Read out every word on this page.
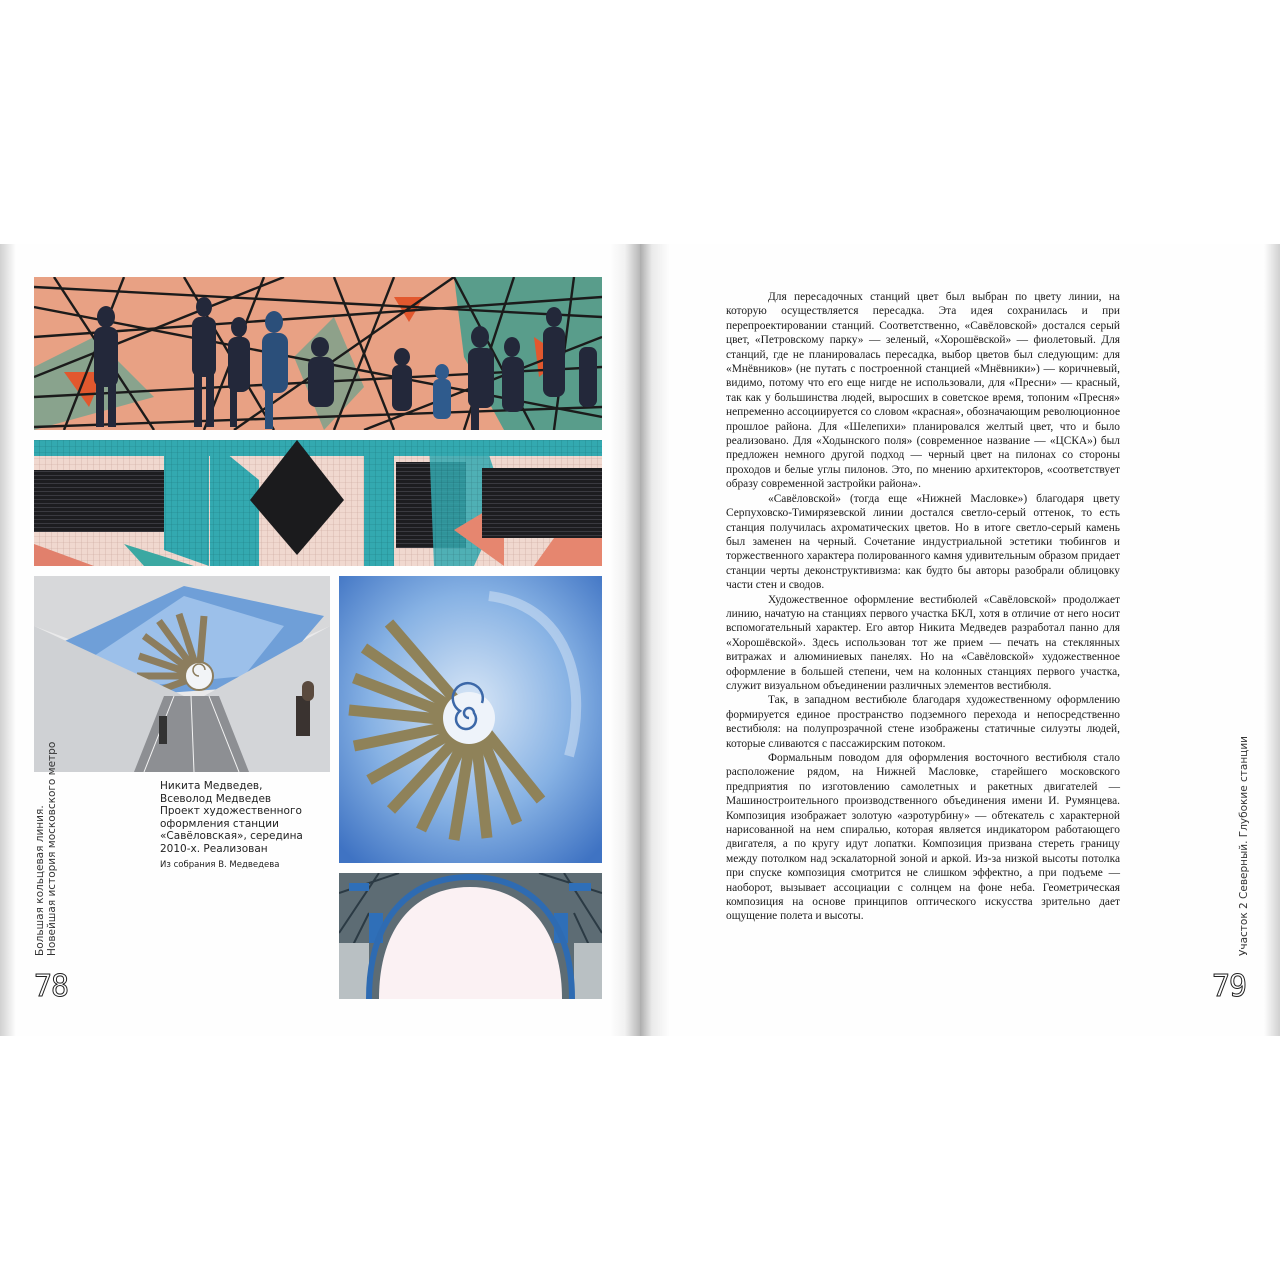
Никита Медведев,
Всеволод Медведев
Проект художественного
оформления станции
«Савёловская», середина
2010-х. Реализован
Из собрания В. Медведева
Большая кольцевая линия. Новейшая история московского метро
78

Для пересадочных станций цвет был выбран по цвету линии, на которую осуществляется пересадка. Эта идея сохранилась и при перепроектировании станций. Соответственно, «Савёловской» достался серый цвет, «Петровскому парку» — зеленый, «Хорошёвской» — фиолетовый. Для станций, где не планировалась пересадка, выбор цветов был следующим: для «Мнёвников» (не путать с построенной станцией «Мнёвники») — коричневый, видимо, потому что его еще нигде не использовали, для «Пресни» — красный, так как у большинства людей, выросших в советское время, топоним «Пресня» непременно ассоциируется со словом «красная», обозначающим революционное прошлое района. Для «Шелепихи» планировался желтый цвет, что и было реализовано. Для «Ходынского поля» (современное название — «ЦСКА») был предложен немного другой подход — черный цвет на пилонах со стороны проходов и белые углы пилонов. Это, по мнению архитекторов, «соответствует образу современной застройки района».

«Савёловской» (тогда еще «Нижней Масловке») благодаря цвету Серпуховско-Тимирязевской линии достался светло-серый оттенок, то есть станция получилась ахроматических цветов. Но в итоге светло-серый камень был заменен на черный. Сочетание индустриальной эстетики тюбингов и торжественного характера полированного камня удивительным образом придает станции черты деконструктивизма: как будто бы авторы разобрали облицовку части стен и сводов.

Художественное оформление вестибюлей «Савёловской» продолжает линию, начатую на станциях первого участка БКЛ, хотя в отличие от него носит вспомогательный характер. Его автор Никита Медведев разработал панно для «Хорошёвской». Здесь использован тот же прием — печать на стеклянных витражах и алюминиевых панелях. Но на «Савёловской» художественное оформление в большей степени, чем на колонных станциях первого участка, служит визуальном объединении различных элементов вестибюля.

Так, в западном вестибюле благодаря художественному оформлению формируется единое пространство подземного перехода и непосредственно вестибюля: на полупрозрачной стене изображены статичные силуэты людей, которые сливаются с пассажирским потоком.

Формальным поводом для оформления восточного вестибюля стало расположение рядом, на Нижней Масловке, старейшего московского предприятия по изготовлению самолетных и ракетных двигателей — Машиностроительного производственного объединения имени И. Румянцева. Композиция изображает золотую «аэротурбину» — обтекатель с характерной нарисованной на нем спиралью, которая является индикатором работающего двигателя, а по кругу идут лопатки. Композиция призвана стереть границу между потолком над эскалаторной зоной и аркой. Из-за низкой высоты потолка при спуске композиция смотрится не слишком эффектно, а при подъеме — наоборот, вызывает ассоциации с солнцем на фоне неба. Геометрическая композиция на основе принципов оптического искусства зрительно дает ощущение полета и высоты.	Участок 2 Северный. Глубокие станции
79
